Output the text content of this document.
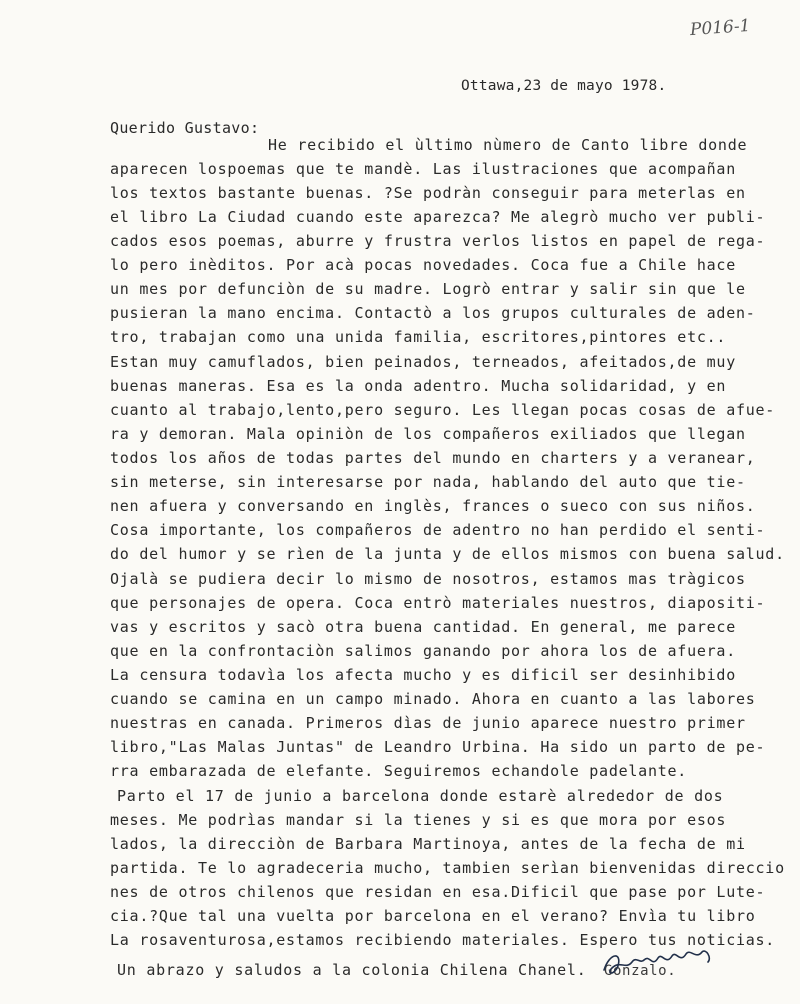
P016-1
Ottawa,23 de mayo 1978.
Querido Gustavo:
He recibido el ùltimo nùmero de Canto libre donde
aparecen lospoemas que te mandè. Las ilustraciones que acompañan
los textos bastante buenas. ?Se podràn conseguir para meterlas en
el libro La Ciudad cuando este aparezca? Me alegrò mucho ver publi-
cados esos poemas, aburre y frustra verlos listos en papel de rega-
lo pero inèditos. Por acà pocas novedades. Coca fue a Chile hace
un mes por defunciòn de su madre. Logrò entrar y salir sin que le
pusieran la mano encima. Contactò a los grupos culturales de aden-
tro, trabajan como una unida familia, escritores,pintores etc..
Estan muy camuflados, bien peinados, terneados, afeitados,de muy
buenas maneras. Esa es la onda adentro. Mucha solidaridad, y en
cuanto al trabajo,lento,pero seguro. Les llegan pocas cosas de afue-
ra y demoran. Mala opiniòn de los compañeros exiliados que llegan
todos los años de todas partes del mundo en charters y a veranear,
sin meterse, sin interesarse por nada, hablando del auto que tie-
nen afuera y conversando en inglès, frances o sueco con sus niños.
Cosa importante, los compañeros de adentro no han perdido el senti-
do del humor y se rìen de la junta y de ellos mismos con buena salud.
Ojalà se pudiera decir lo mismo de nosotros, estamos mas tràgicos
que personajes de opera. Coca entrò materiales nuestros, diapositi-
vas y escritos y sacò otra buena cantidad. En general, me parece
que en la confrontaciòn salimos ganando por ahora los de afuera.
La censura todavìa los afecta mucho y es dificil ser desinhibido
cuando se camina en un campo minado. Ahora en cuanto a las labores
nuestras en canada. Primeros dìas de junio aparece nuestro primer
libro,"Las Malas Juntas" de Leandro Urbina. Ha sido un parto de pe-
rra embarazada de elefante. Seguiremos echandole padelante.
Parto el 17 de junio a barcelona donde estarè alrededor de dos
meses. Me podrìas mandar si la tienes y si es que mora por esos
lados, la direcciòn de Barbara Martinoya, antes de la fecha de mi
partida. Te lo agradeceria mucho, tambien serìan bienvenidas direccio
nes de otros chilenos que residan en esa.Dificil que pase por Lute-
cia.?Que tal una vuelta por barcelona en el verano? Envìa tu libro
La rosaventurosa,estamos recibiendo materiales. Espero tus noticias.
Un abrazo y saludos a la colonia Chilena Chanel. Gonzalo.
